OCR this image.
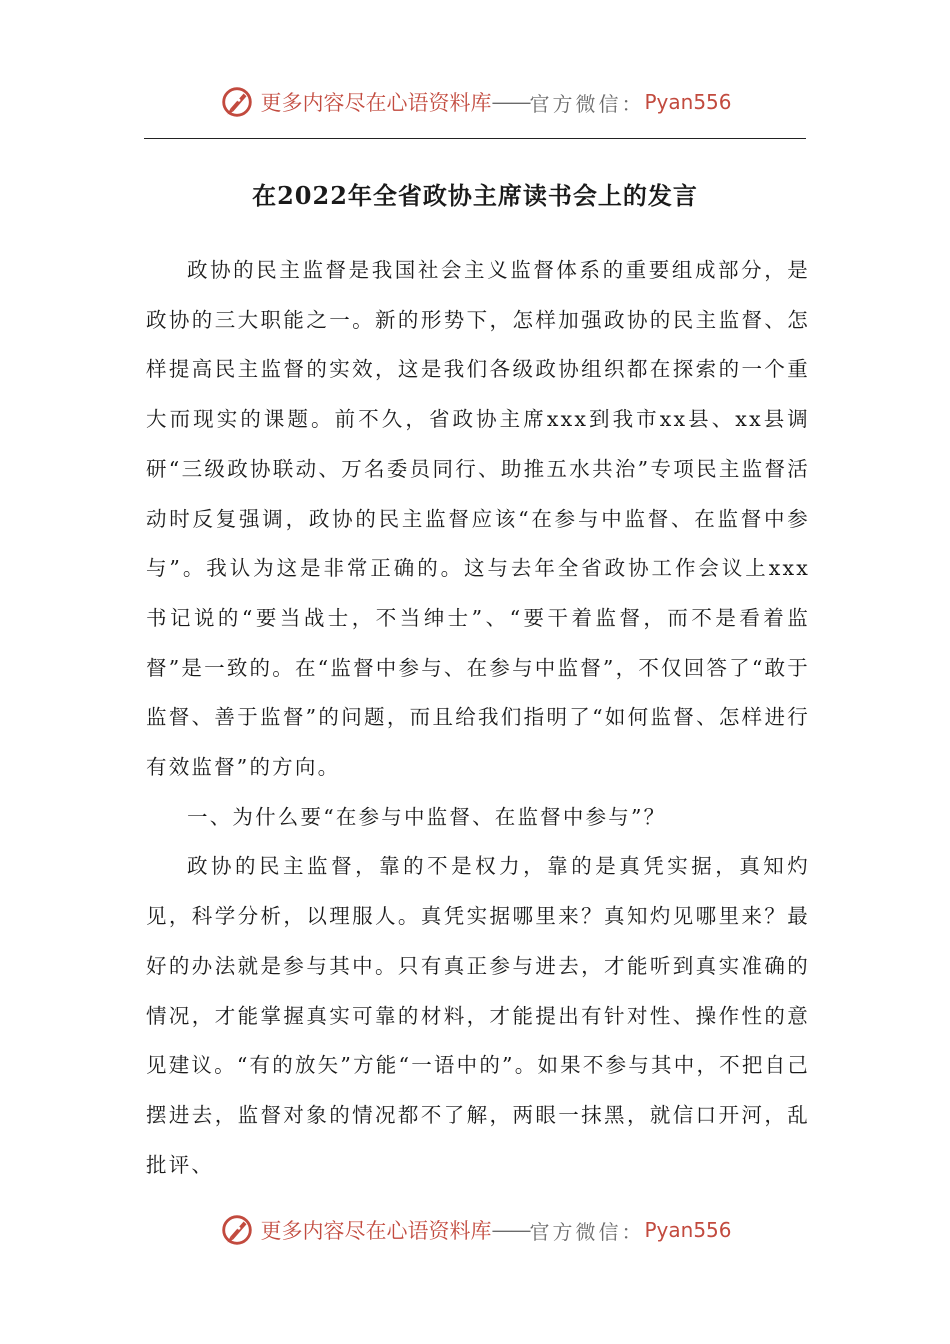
更多内容尽在心语资料库 — — 官方微信： Pyan556
在2022年全省政协主席读书会上的发言

政协的民主监督是我国社会主义监督体系的重要组成部分，是政协的三大职能之一。新的形势下，怎样加强政协的民主监督、怎样提高民主监督的实效，这是我们各级政协组织都在探索的一个重大而现实的课题。前不久，省政协主席xxx到我市xx县、xx县调研“三级政协联动、万名委员同行、助推五水共治”专项民主监督活动时反复强调，政协的民主监督应该“在参与中监督、在监督中参与”。我认为这是非常正确的。这与去年全省政协工作会议上xxx书记说的“要当战士，不当绅士”、“要干着监督，而不是看着监督”是一致的。在“监督中参与、在参与中监督”，不仅回答了“敢于监督、善于监督”的问题，而且给我们指明了“如何监督、怎样进行有效监督”的方向。

一、为什么要“在参与中监督、在监督中参与”？

政协的民主监督，靠的不是权力，靠的是真凭实据，真知灼见，科学分析，以理服人。真凭实据哪里来？真知灼见哪里来？最好的办法就是参与其中。只有真正参与进去，才能听到真实准确的情况，才能掌握真实可靠的材料，才能提出有针对性、操作性的意见建议。“有的放矢”方能“一语中的”。如果不参与其中，不把自己摆进去，监督对象的情况都不了解，两眼一抹黑，就信口开河，乱批评、

更多内容尽在心语资料库 — — 官方微信： Pyan556
